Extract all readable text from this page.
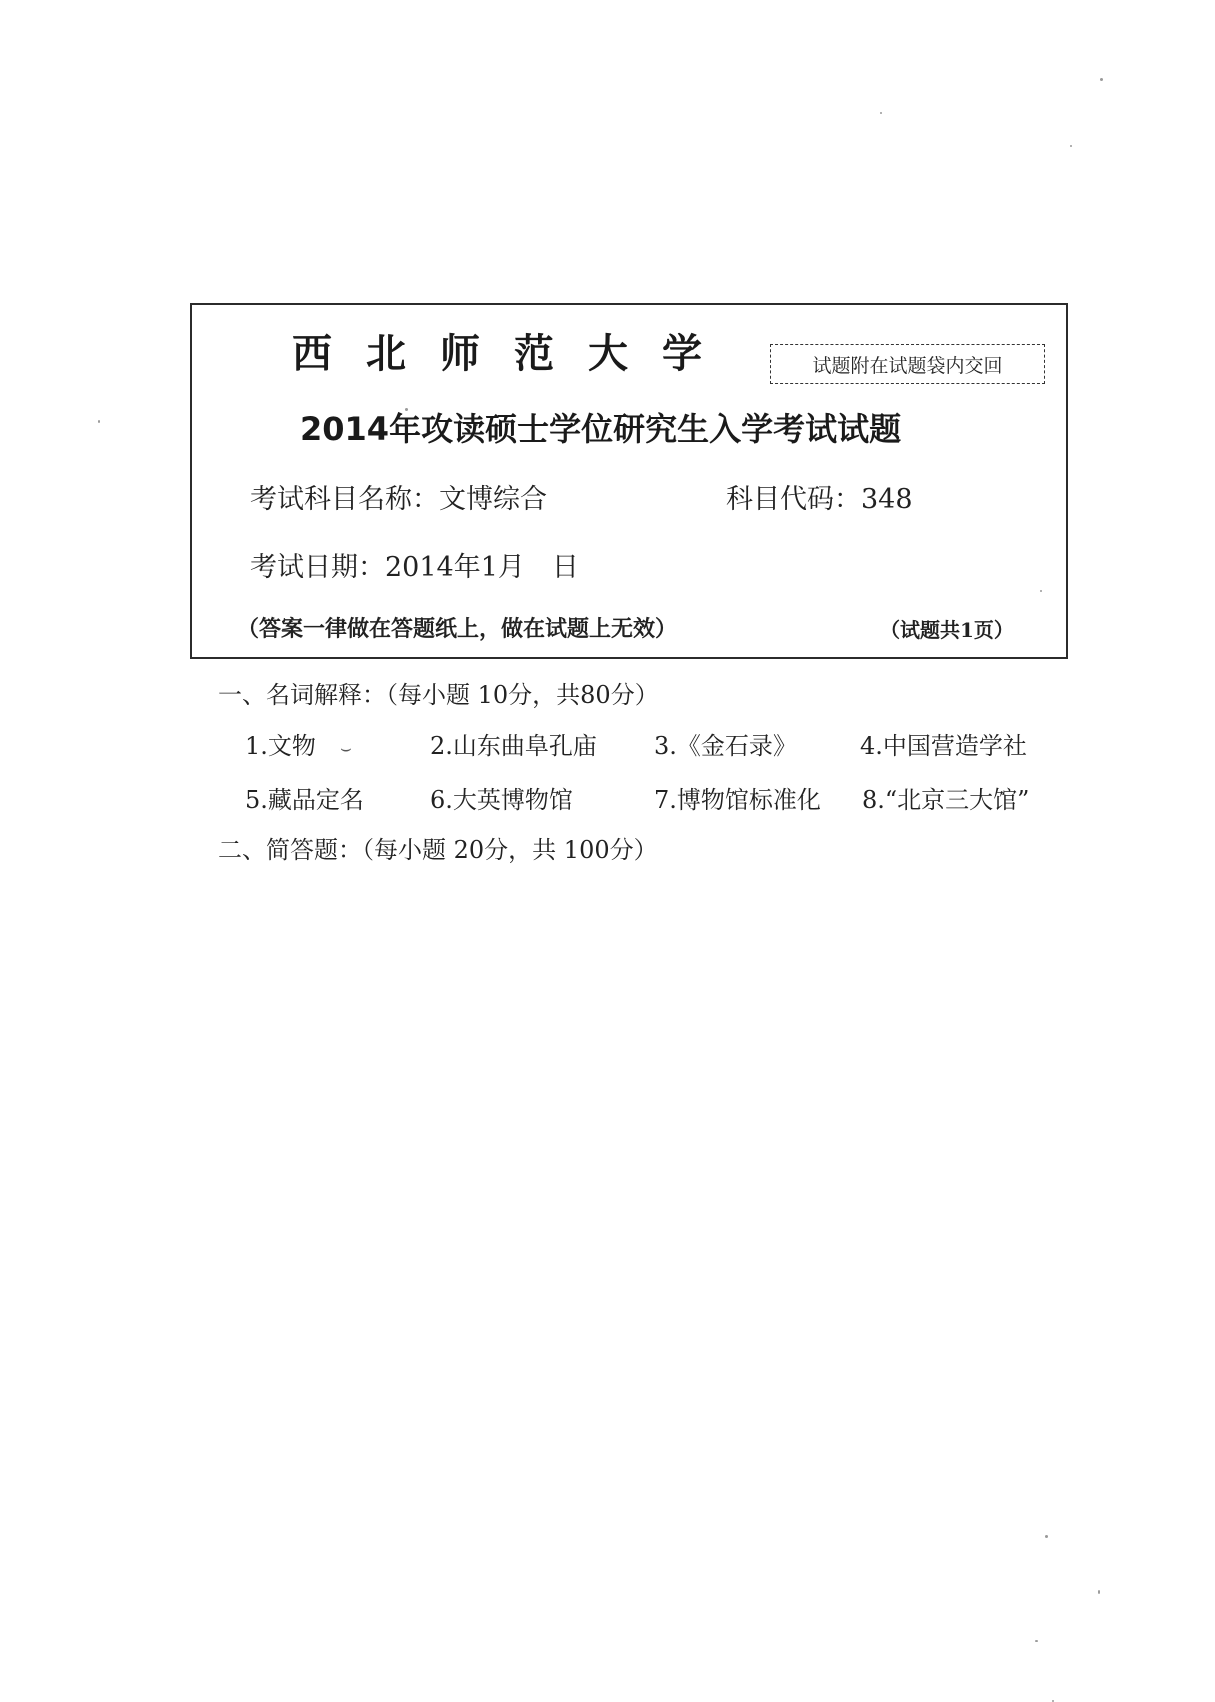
西北师范大学	试题附在试题袋内交回
2014年攻读硕士学位研究生入学考试试题
考试科目名称：文博综合	科目代码：348
考试日期：2014年1月　日
（答案一律做在答题纸上，做在试题上无效）	（试题共1页）
一、名词解释：（每小题 10分，共80分）
1.文物 ⌣	2.山东曲阜孔庙 3.《金石录》	4.中国营造学社
5.藏品定名	6.大英博物馆	7.博物馆标准化 8.“北京三大馆”
二、简答题：（每小题 20分，共 100分）
